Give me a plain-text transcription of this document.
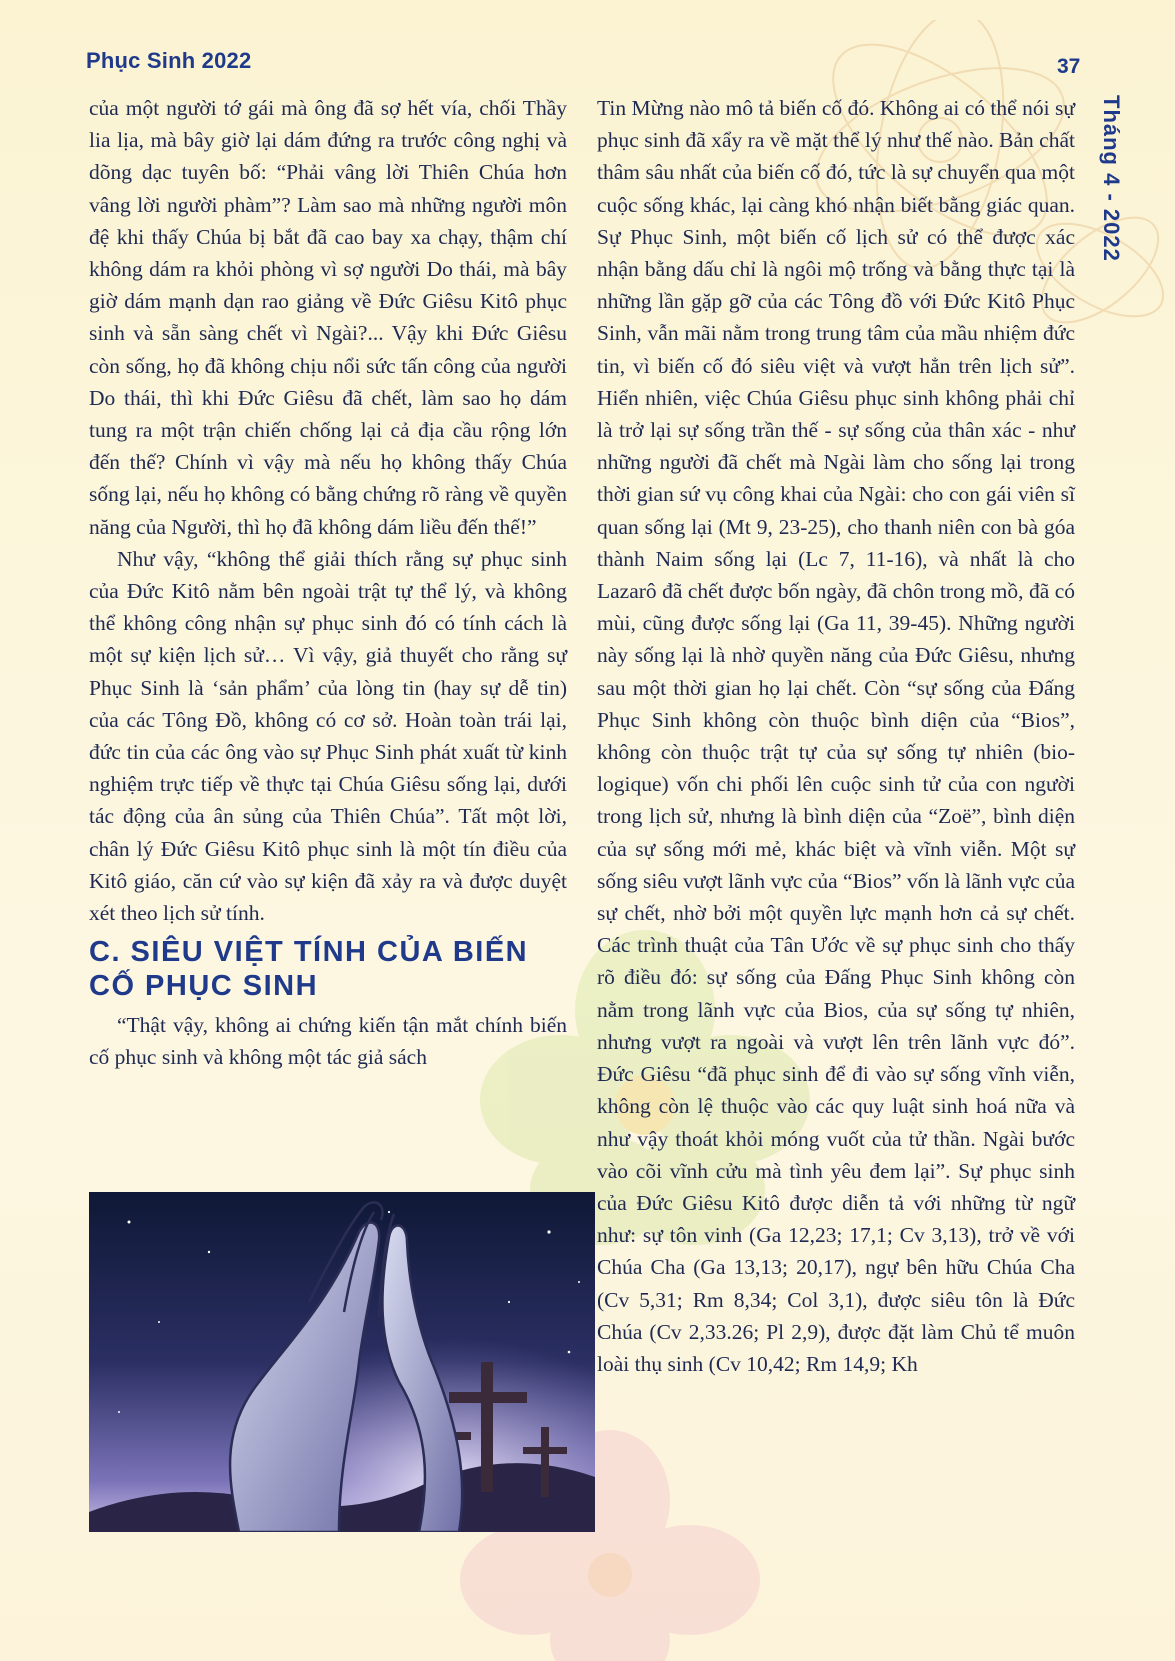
Phục Sinh 2022	37
Tháng 4 - 2022

của một người tớ gái mà ông đã sợ hết vía, chối Thầy lia lịa, mà bây giờ lại dám đứng ra trước công nghị và dõng dạc tuyên bố: “Phải vâng lời Thiên Chúa hơn vâng lời người phàm”? Làm sao mà những người môn đệ khi thấy Chúa bị bắt đã cao bay xa chạy, thậm chí không dám ra khỏi phòng vì sợ người Do thái, mà bây giờ dám mạnh dạn rao giảng về Đức Giêsu Kitô phục sinh và sẵn sàng chết vì Ngài?... Vậy khi Đức Giêsu còn sống, họ đã không chịu nổi sức tấn công của người Do thái, thì khi Đức Giêsu đã chết, làm sao họ dám tung ra một trận chiến chống lại cả địa cầu rộng lớn đến thế? Chính vì vậy mà nếu họ không thấy Chúa sống lại, nếu họ không có bằng chứng rõ ràng về quyền năng của Người, thì họ đã không dám liều đến thế!”

Như vậy, “không thể giải thích rằng sự phục sinh của Đức Kitô nằm bên ngoài trật tự thể lý, và không thể không công nhận sự phục sinh đó có tính cách là một sự kiện lịch sử… Vì vậy, giả thuyết cho rằng sự Phục Sinh là ‘sản phẩm’ của lòng tin (hay sự dễ tin) của các Tông Đồ, không có cơ sở. Hoàn toàn trái lại, đức tin của các ông vào sự Phục Sinh phát xuất từ kinh nghiệm trực tiếp về thực tại Chúa Giêsu sống lại, dưới tác động của ân sủng của Thiên Chúa”. Tất một lời, chân lý Đức Giêsu Kitô phục sinh là một tín điều của Kitô giáo, căn cứ vào sự kiện đã xảy ra và được duyệt xét theo lịch sử tính.

C. SIÊU VIỆT TÍNH CỦA BIẾN
CỐ PHỤC SINH

“Thật vậy, không ai chứng kiến tận mắt chính biến cố phục sinh và không một tác giả sách

Tin Mừng nào mô tả biến cố đó. Không ai có thể nói sự phục sinh đã xẩy ra về mặt thể lý như thế nào. Bản chất thâm sâu nhất của biến cố đó, tức là sự chuyển qua một cuộc sống khác, lại càng khó nhận biết bằng giác quan. Sự Phục Sinh, một biến cố lịch sử có thể được xác nhận bằng dấu chỉ là ngôi mộ trống và bằng thực tại là những lần gặp gỡ của các Tông đồ với Đức Kitô Phục Sinh, vẫn mãi nằm trong trung tâm của mầu nhiệm đức tin, vì biến cố đó siêu việt và vượt hẳn trên lịch sử”. Hiển nhiên, việc Chúa Giêsu phục sinh không phải chỉ là trở lại sự sống trần thế - sự sống của thân xác - như những người đã chết mà Ngài làm cho sống lại trong thời gian sứ vụ công khai của Ngài: cho con gái viên sĩ quan sống lại (Mt 9, 23-25), cho thanh niên con bà góa thành Naim sống lại (Lc 7, 11-16), và nhất là cho Lazarô đã chết được bốn ngày, đã chôn trong mồ, đã có mùi, cũng được sống lại (Ga 11, 39-45). Những người này sống lại là nhờ quyền năng của Đức Giêsu, nhưng sau một thời gian họ lại chết. Còn “sự sống của Đấng Phục Sinh không còn thuộc bình diện của “Bios”, không còn thuộc trật tự của sự sống tự nhiên (bio-logique) vốn chi phối lên cuộc sinh tử của con người trong lịch sử, nhưng là bình diện của “Zoë”, bình diện của sự sống mới mẻ, khác biệt và vĩnh viễn. Một sự sống siêu vượt lãnh vực của “Bios” vốn là lãnh vực của sự chết, nhờ bởi một quyền lực mạnh hơn cả sự chết. Các trình thuật của Tân Ước về sự phục sinh cho thấy rõ điều đó: sự sống của Đấng Phục Sinh không còn nằm trong lãnh vực của Bios, của sự sống tự nhiên, nhưng vượt ra ngoài và vượt lên trên lãnh vực đó”. Đức Giêsu “đã phục sinh để đi vào sự sống vĩnh viễn, không còn lệ thuộc vào các quy luật sinh hoá nữa và như vậy thoát khỏi móng vuốt của tử thần. Ngài bước vào cõi vĩnh cửu mà tình yêu đem lại”. Sự phục sinh của Đức Giêsu Kitô được diễn tả với những từ ngữ như: sự tôn vinh (Ga 12,23; 17,1; Cv 3,13), trở về với Chúa Cha (Ga 13,13; 20,17), ngự bên hữu Chúa Cha (Cv 5,31; Rm 8,34; Col 3,1), được siêu tôn là Đức Chúa (Cv 2,33.26; Pl 2,9), được đặt làm Chủ tể muôn loài thụ sinh (Cv 10,42; Rm 14,9; Kh
